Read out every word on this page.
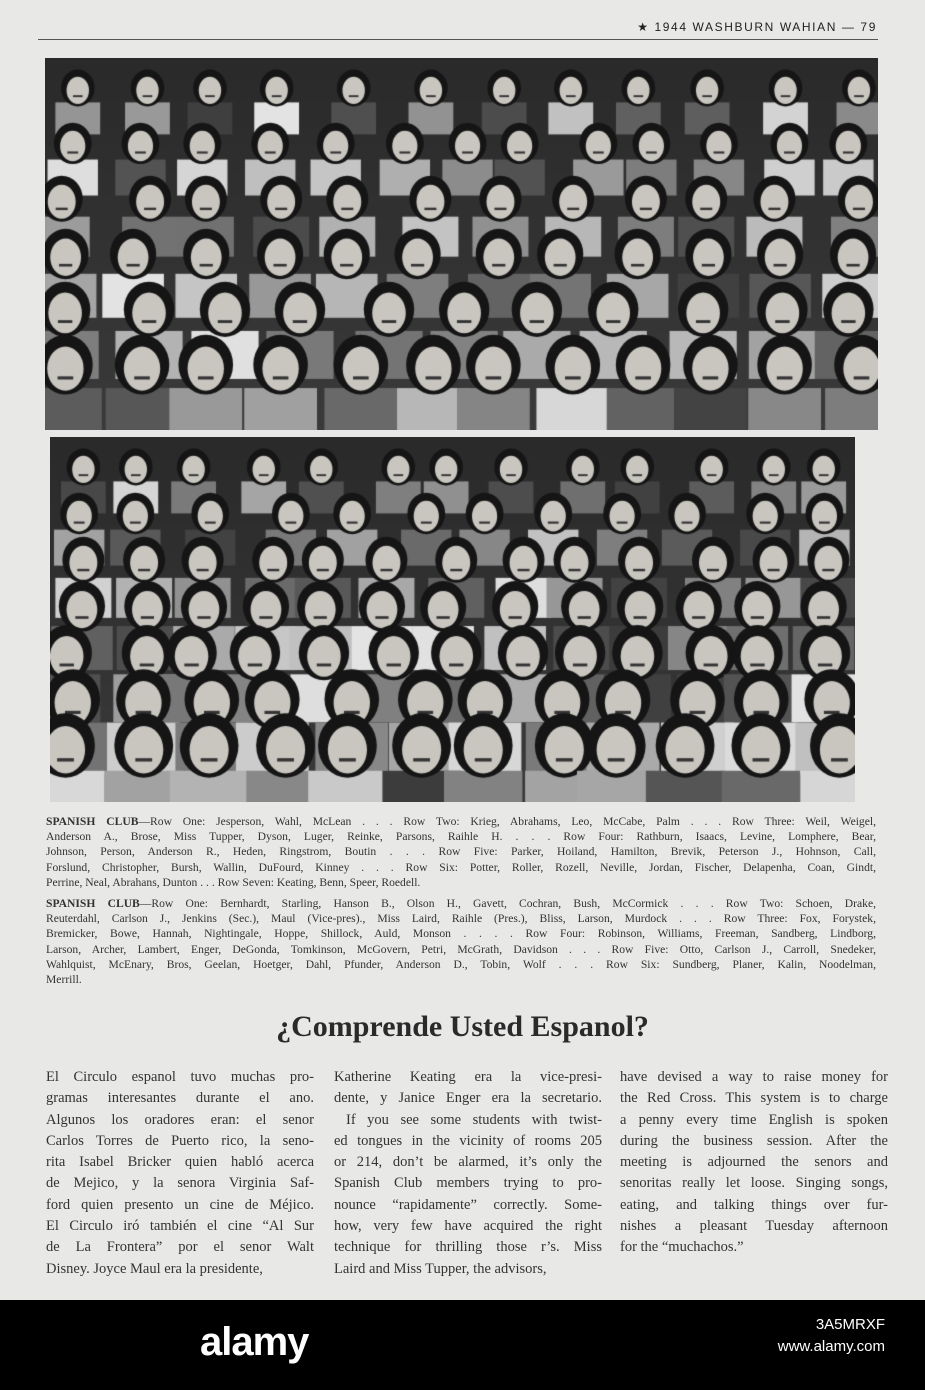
★ 1944 WASHBURN WAHIAN — 79
SPANISH CLUB—Row One: Jesperson, Wahl, McLean . . . Row Two: Krieg, Abrahams, Leo, McCabe, Palm . . . Row Three: Weil, Weigel,
Anderson A., Brose, Miss Tupper, Dyson, Luger, Reinke, Parsons, Raihle H. . . . Row Four: Rathburn, Isaacs, Levine, Lomphere, Bear,
Johnson, Person, Anderson R., Heden, Ringstrom, Boutin . . . Row Five: Parker, Hoiland, Hamilton, Brevik, Peterson J., Hohnson, Call,
Forslund, Christopher, Bursh, Wallin, DuFourd, Kinney . . . Row Six: Potter, Roller, Rozell, Neville, Jordan, Fischer, Delapenha, Coan, Gindt,
Perrine, Neal, Abrahans, Dunton . . . Row Seven: Keating, Benn, Speer, Roedell.
SPANISH CLUB—Row One: Bernhardt, Starling, Hanson B., Olson H., Gavett, Cochran, Bush, McCormick . . . Row Two: Schoen, Drake,
Reuterdahl, Carlson J., Jenkins (Sec.), Maul (Vice-pres)., Miss Laird, Raihle (Pres.), Bliss, Larson, Murdock . . . Row Three: Fox, Forystek,
Bremicker, Bowe, Hannah, Nightingale, Hoppe, Shillock, Auld, Monson . . . . Row Four: Robinson, Williams, Freeman, Sandberg, Lindborg,
Larson, Archer, Lambert, Enger, DeGonda, Tomkinson, McGovern, Petri, McGrath, Davidson . . . Row Five: Otto, Carlson J., Carroll, Snedeker,
Wahlquist, McEnary, Bros, Geelan, Hoetger, Dahl, Pfunder, Anderson D., Tobin, Wolf . . . Row Six: Sundberg, Planer, Kalin, Noodelman,
Merrill.
¿Comprende Usted Espanol?
El Circulo espanol tuvo muchas pro-
gramas interesantes durante el ano.
Algunos los oradores eran: el senor
Carlos Torres de Puerto rico, la seno-
rita Isabel Bricker quien habló acerca
de Mejico, y la senora Virginia Saf-
ford quien presento un cine de Méjico.
El Circulo iró también el cine “Al Sur
de La Frontera” por el senor Walt
Disney. Joyce Maul era la presidente,
Katherine Keating era la vice-presi-
dente, y Janice Enger era la secretario.
If you see some students with twist-
ed tongues in the vicinity of rooms 205
or 214, don’t be alarmed, it’s only the
Spanish Club members trying to pro-
nounce “rapidamente” correctly. Some-
how, very few have acquired the right
technique for thrilling those r’s. Miss
Laird and Miss Tupper, the advisors,
have devised a way to raise money for
the Red Cross. This system is to charge
a penny every time English is spoken
during the business session. After the
meeting is adjourned the senors and
senoritas really let loose. Singing songs,
eating, and talking things over fur-
nishes a pleasant Tuesday afternoon
for the “muchachos.”
alamy	3A5MRXF
www.alamy.com
